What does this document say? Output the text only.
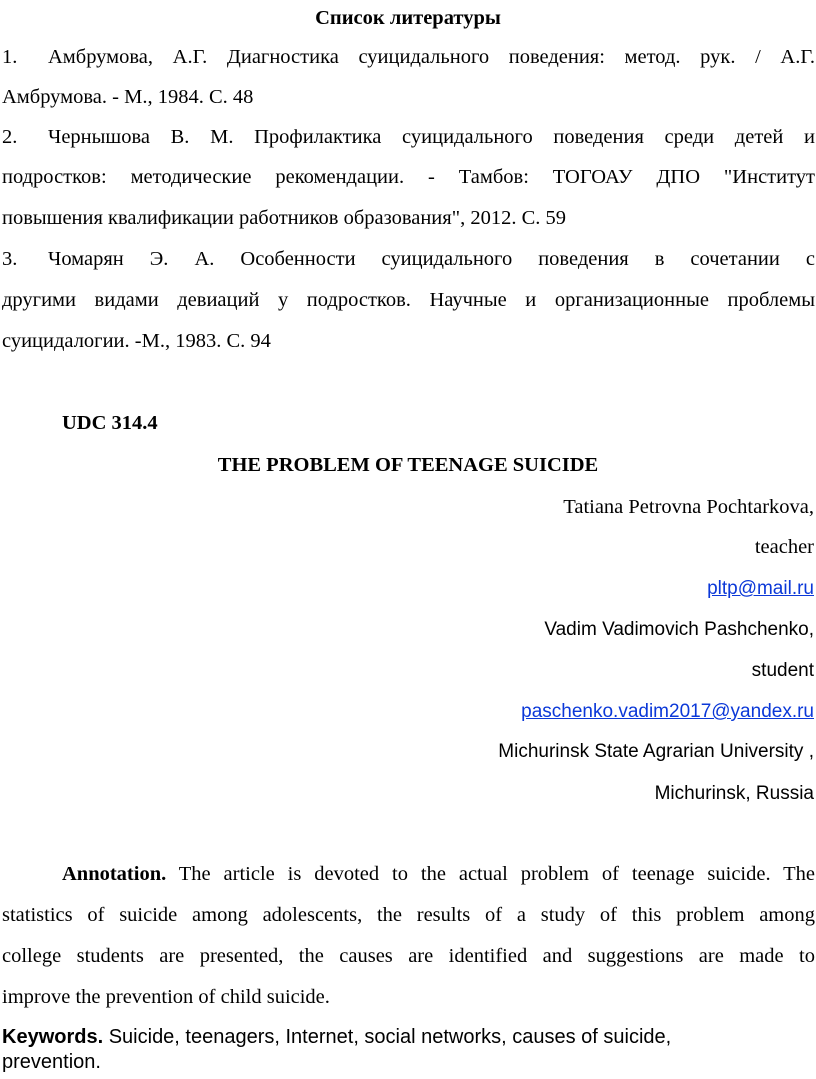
Список литературы
1. Амбрумова, А.Г. Диагностика суицидального поведения: метод. рук. / А.Г.
Амбрумова. - М., 1984. С. 48
2. Чернышова В. М. Профилактика суицидального поведения среди детей и
подростков: методические рекомендации. - Тамбов: ТОГОАУ ДПО "Институт
повышения квалификации работников образования", 2012. С. 59
3. Чомарян Э. А. Особенности суицидального поведения в сочетании с
другими видами девиаций у подростков. Научные и организационные проблемы
суицидалогии. -М., 1983. С. 94
UDC 314.4
THE PROBLEM OF TEENAGE SUICIDE
Tatiana Petrovna Pochtarkova,
teacher
pltp@mail.ru
Vadim Vadimovich Pashchenko,
student
paschenko.vadim2017@yandex.ru
Michurinsk State Agrarian University ,
Michurinsk, Russia
Annotation. The article is devoted to the actual problem of teenage suicide. The
statistics of suicide among adolescents, the results of a study of this problem among
college students are presented, the causes are identified and suggestions are made to
improve the prevention of child suicide.
Keywords. Suicide, teenagers, Internet, social networks, causes of suicide,
prevention.
